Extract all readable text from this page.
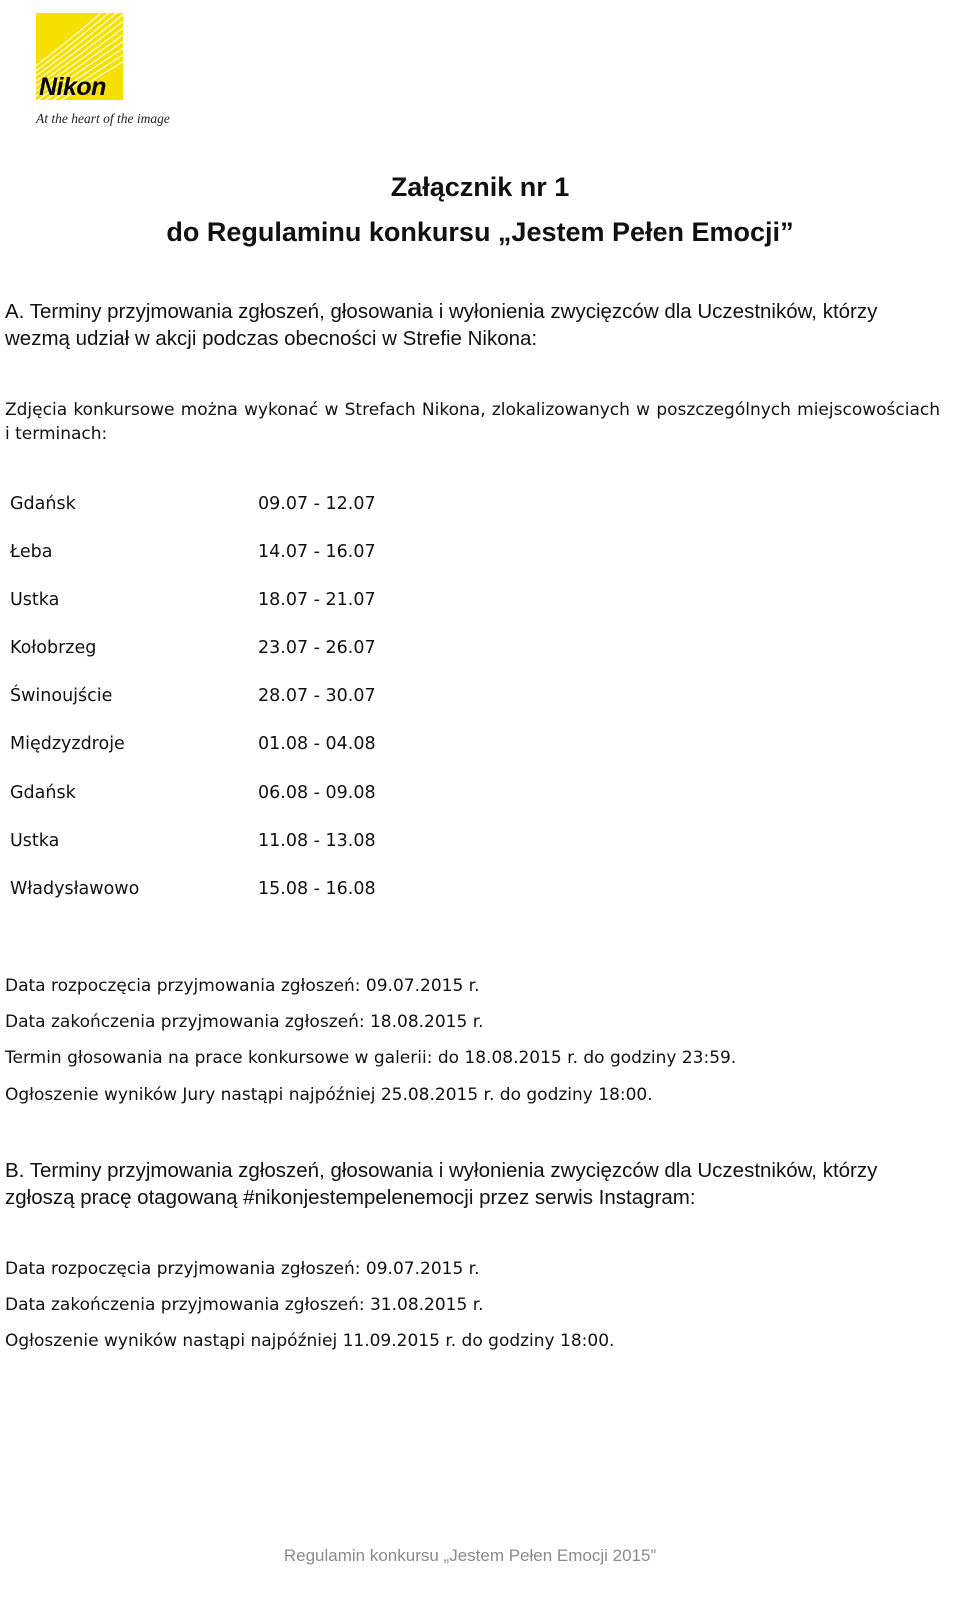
Nikon
At the heart of the image
Załącznik nr 1
do Regulaminu konkursu „Jestem Pełen Emocji”
A. Terminy przyjmowania zgłoszeń, głosowania i wyłonienia zwycięzców dla Uczestników, którzy wezmą udział w akcji podczas obecności w Strefie Nikona:
Zdjęcia konkursowe można wykonać w Strefach Nikona, zlokalizowanych w poszczególnych miejscowościach i terminach:
Gdańsk	09.07 - 12.07
Łeba	14.07 - 16.07
Ustka	18.07 - 21.07
Kołobrzeg	23.07 - 26.07
Świnoujście	28.07 - 30.07
Międzyzdroje	01.08 - 04.08
Gdańsk	06.08 - 09.08
Ustka	11.08 - 13.08
Władysławowo	15.08 - 16.08
Data rozpoczęcia przyjmowania zgłoszeń: 09.07.2015 r.
Data zakończenia przyjmowania zgłoszeń: 18.08.2015 r.
Termin głosowania na prace konkursowe w galerii: do 18.08.2015 r. do godziny 23:59.
Ogłoszenie wyników Jury nastąpi najpóźniej 25.08.2015 r. do godziny 18:00.
B. Terminy przyjmowania zgłoszeń, głosowania i wyłonienia zwycięzców dla Uczestników, którzy zgłoszą pracę otagowaną #nikonjestempelenemocji przez serwis Instagram:
Data rozpoczęcia przyjmowania zgłoszeń: 09.07.2015 r.
Data zakończenia przyjmowania zgłoszeń: 31.08.2015 r.
Ogłoszenie wyników nastąpi najpóźniej 11.09.2015 r. do godziny 18:00.
Regulamin konkursu „Jestem Pełen Emocji 2015”
